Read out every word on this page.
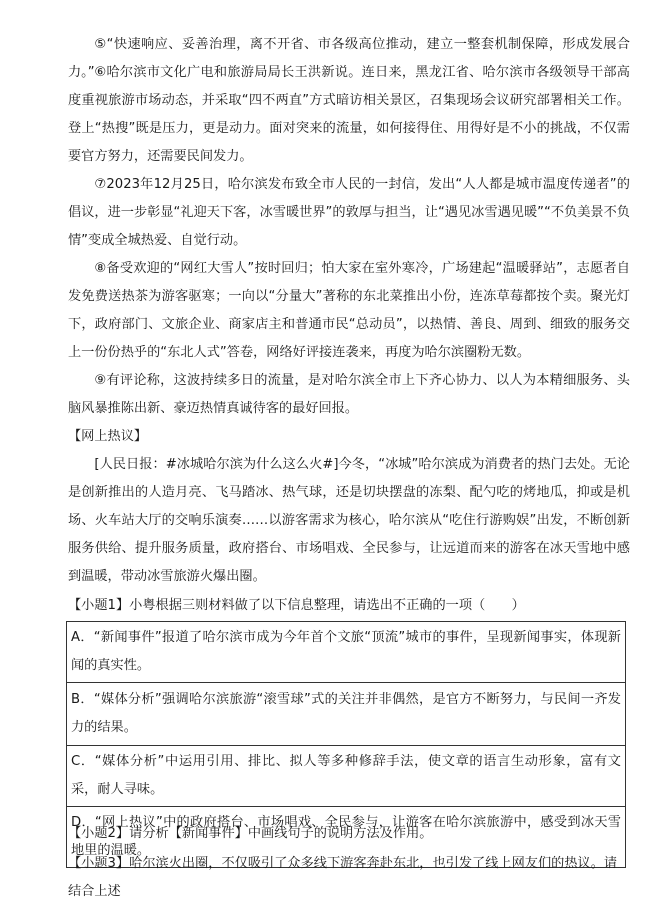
⑤“快速响应、妥善治理，离不开省、市各级高位推动，建立一整套机制保障，形成发展合力。” ⑥哈尔滨市文化广电和旅游局局长王洪新说。连日来，黑龙江省、哈尔滨市各级领导干部高度重视旅游市场动态，并采取“四不两直”方式暗访相关景区，召集现场会议研究部署相关工作。登上“热搜”既是压力，更是动力。面对突来的流量，如何接得住、用得好是不小的挑战，不仅需要官方努力，还需要民间发力。

⑦2023年12月25日，哈尔滨发布致全市人民的一封信，发出“人人都是城市温度传递者”的倡议，进一步彰显“礼迎天下客，冰雪暖世界”的敦厚与担当，让“遇见冰雪遇见暖”“不负美景不负情”变成全城热爱、自觉行动。

⑧备受欢迎的“网红大雪人”按时回归；怕大家在室外寒冷，广场建起“温暖驿站”，志愿者自发免费送热茶为游客驱寒；一向以“分量大”著称的东北菜推出小份，连冻草莓都按个卖。聚光灯下，政府部门、文旅企业、商家店主和普通市民“总动员”，以热情、善良、周到、细致的服务交上一份份热乎的“东北人式”答卷，网络好评接连袭来，再度为哈尔滨圈粉无数。

⑨有评论称，这波持续多日的流量，是对哈尔滨全市上下齐心协力、以人为本精细服务、头脑风暴推陈出新、豪迈热情真诚待客的最好回报。

【网上热议】

[人民日报：#冰城哈尔滨为什么这么火#]今冬，“冰城”哈尔滨成为消费者的热门去处。无论是创新推出的人造月亮、飞马踏冰、热气球，还是切块摆盘的冻梨、配勺吃的烤地瓜，抑或是机场、火车站大厅的交响乐演奏……以游客需求为核心，哈尔滨从“吃住行游购娱”出发，不断创新服务供给、提升服务质量，政府搭台、市场唱戏、全民参与，让远道而来的游客在冰天雪地中感到温暖，带动冰雪旅游火爆出圈。

【小题1】小粤根据三则材料做了以下信息整理，请选出不正确的一项（　　）

A．“新闻事件”报道了哈尔滨市成为今年首个文旅“顶流”城市的事件，呈现新闻事实，体现新闻的真实性。
B．“媒体分析”强调哈尔滨旅游“滚雪球”式的关注并非偶然，是官方不断努力，与民间一齐发力的结果。
C．“媒体分析”中运用引用、排比、拟人等多种修辞手法，使文章的语言生动形象，富有文采，耐人寻味。
D．“网上热议”中的政府搭台、市场唱戏、全民参与，让游客在哈尔滨旅游中，感受到冰天雪地里的温暖。

【小题2】请分析【新闻事件】中画线句子的说明方法及作用。

【小题3】哈尔滨火出圈，不仅吸引了众多线下游客奔赴东北，也引发了线上网友们的热议。请结合上述
